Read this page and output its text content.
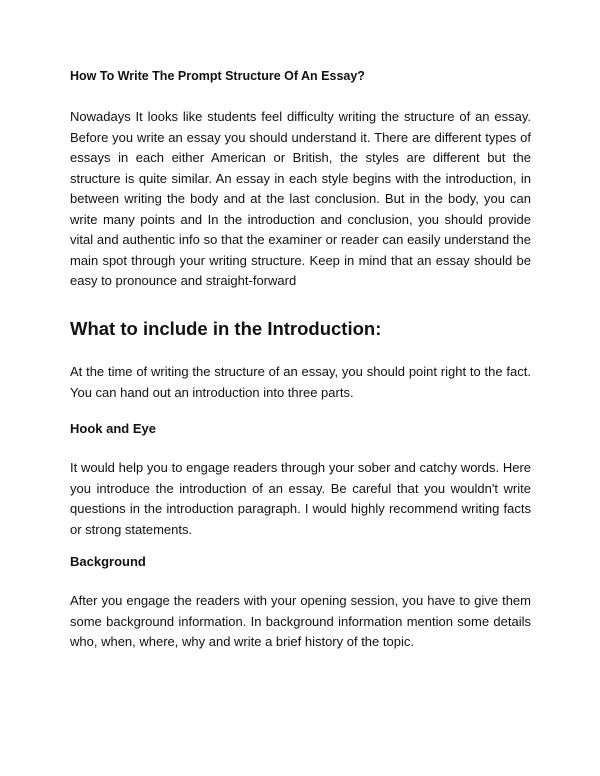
How To Write The Prompt Structure Of An Essay?

Nowadays It looks like students feel difficulty writing the structure of an essay. Before you write an essay you should understand it. There are different types of essays in each either American or British, the styles are different but the structure is quite similar. An essay in each style begins with the introduction, in between writing the body and at the last conclusion. But in the body, you can write many points and In the introduction and conclusion, you should provide vital and authentic info so that the examiner or reader can easily understand the main spot through your writing structure. Keep in mind that an essay should be easy to pronounce and straight-forward

What to include in the Introduction:

At the time of writing the structure of an essay, you should point right to the fact. You can hand out an introduction into three parts.

Hook and Eye

It would help you to engage readers through your sober and catchy words. Here you introduce the introduction of an essay. Be careful that you wouldn't write questions in the introduction paragraph. I would highly recommend writing facts or strong statements.

Background

After you engage the readers with your opening session, you have to give them some background information. In background information mention some details who, when, where, why and write a brief history of the topic.
